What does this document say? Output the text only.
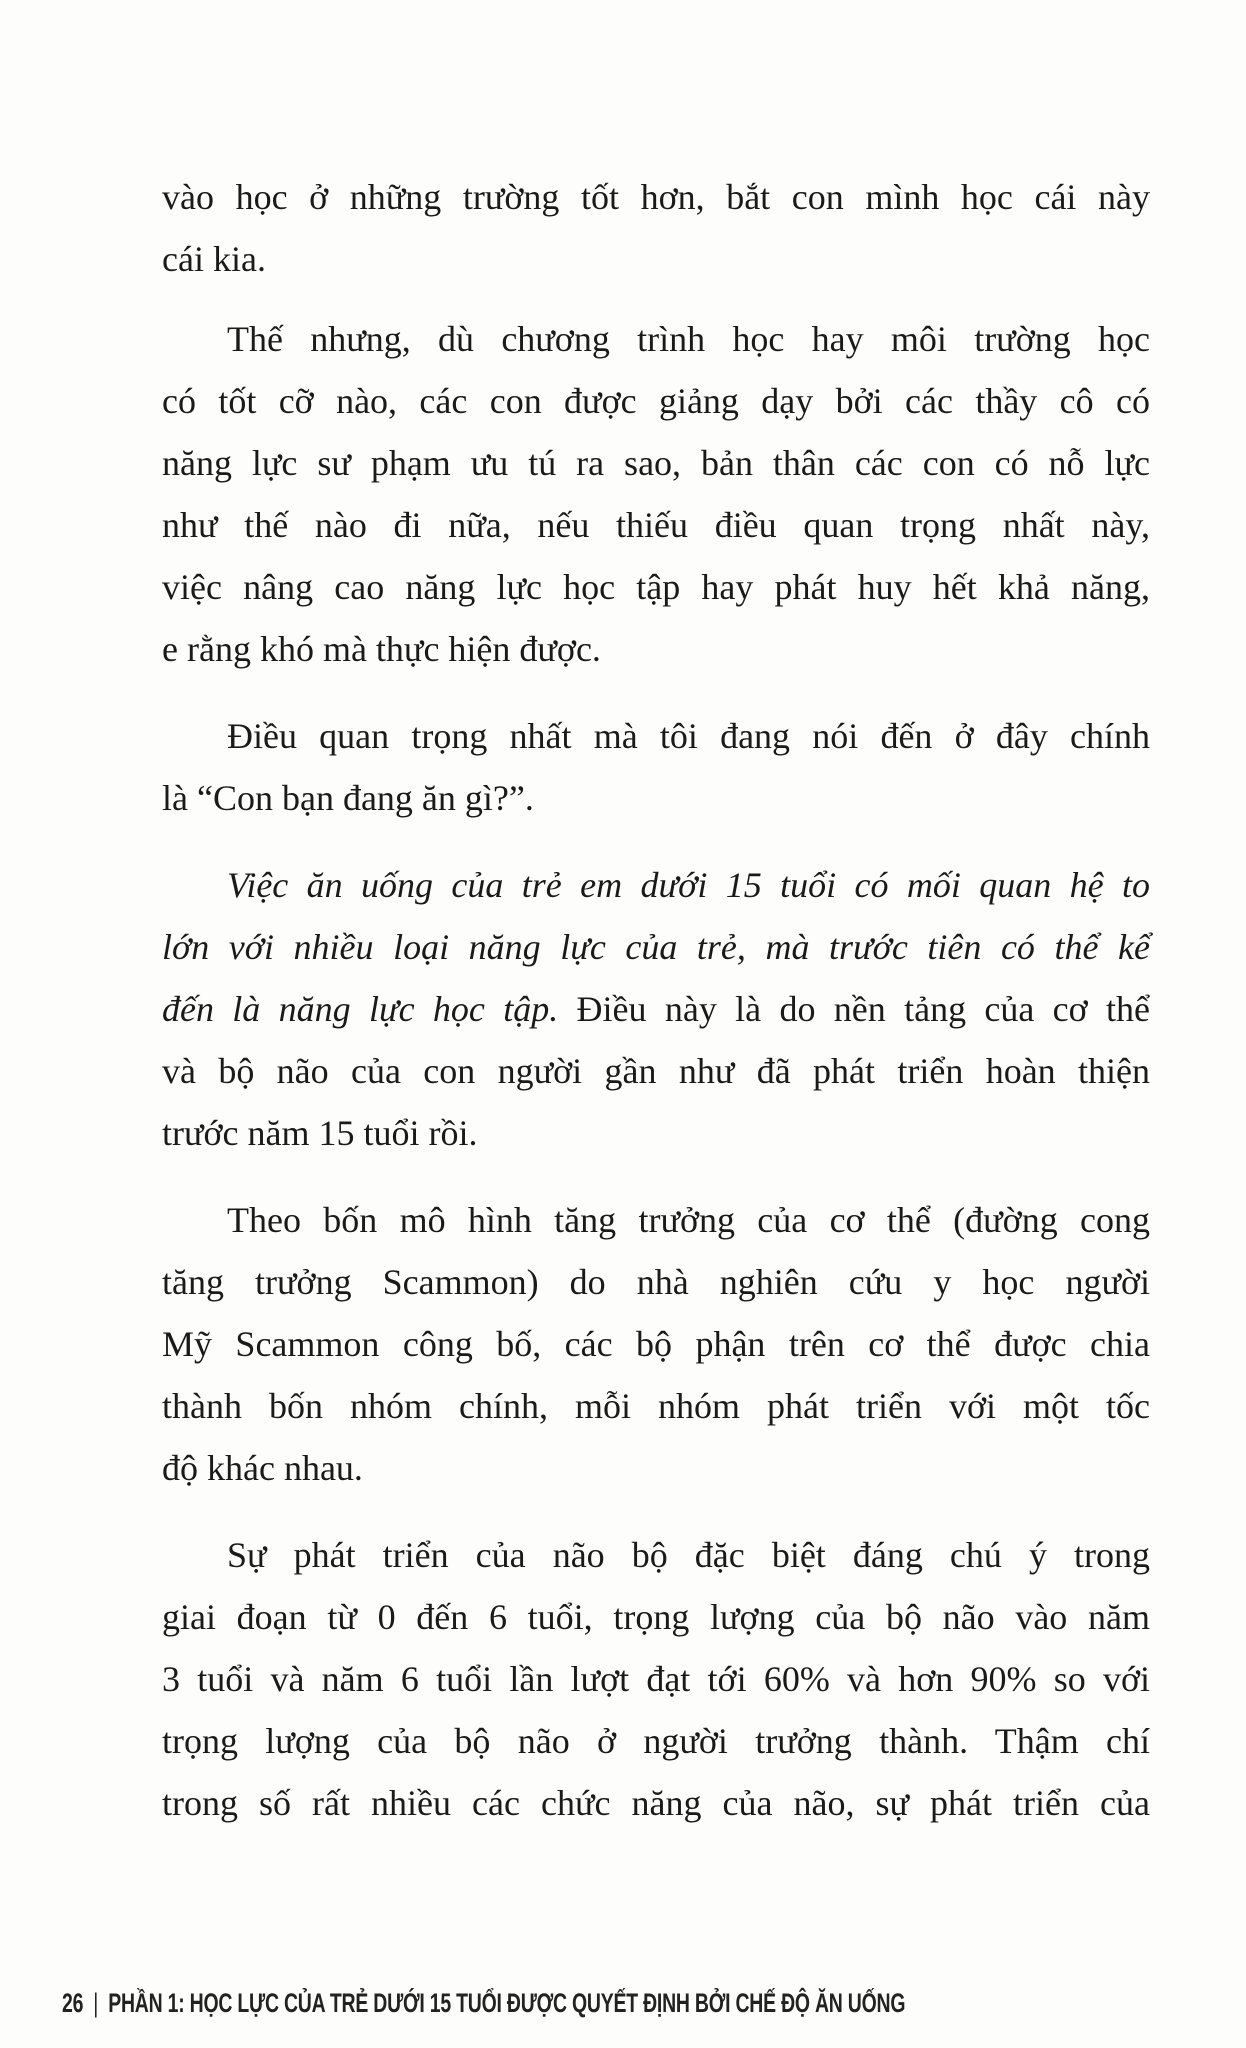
vào học ở những trường tốt hơn, bắt con mình học cái này
cái kia.
Thế nhưng, dù chương trình học hay môi trường học
có tốt cỡ nào, các con được giảng dạy bởi các thầy cô có
năng lực sư phạm ưu tú ra sao, bản thân các con có nỗ lực
như thế nào đi nữa, nếu thiếu điều quan trọng nhất này,
việc nâng cao năng lực học tập hay phát huy hết khả năng,
e rằng khó mà thực hiện được.
Điều quan trọng nhất mà tôi đang nói đến ở đây chính
là “Con bạn đang ăn gì?”.
Việc ăn uống của trẻ em dưới 15 tuổi có mối quan hệ to
lớn với nhiều loại năng lực của trẻ, mà trước tiên có thể kể
đến là năng lực học tập. Điều này là do nền tảng của cơ thể
và bộ não của con người gần như đã phát triển hoàn thiện
trước năm 15 tuổi rồi.
Theo bốn mô hình tăng trưởng của cơ thể (đường cong
tăng trưởng Scammon) do nhà nghiên cứu y học người
Mỹ Scammon công bố, các bộ phận trên cơ thể được chia
thành bốn nhóm chính, mỗi nhóm phát triển với một tốc
độ khác nhau.
Sự phát triển của não bộ đặc biệt đáng chú ý trong
giai đoạn từ 0 đến 6 tuổi, trọng lượng của bộ não vào năm
3 tuổi và năm 6 tuổi lần lượt đạt tới 60% và hơn 90% so với
trọng lượng của bộ não ở người trưởng thành. Thậm chí
trong số rất nhiều các chức năng của não, sự phát triển của
26 | PHẦN 1: HỌC LỰC CỦA TRẺ DƯỚI 15 TUỔI ĐƯỢC QUYẾT ĐỊNH BỞI CHẾ ĐỘ ĂN UỐNG
